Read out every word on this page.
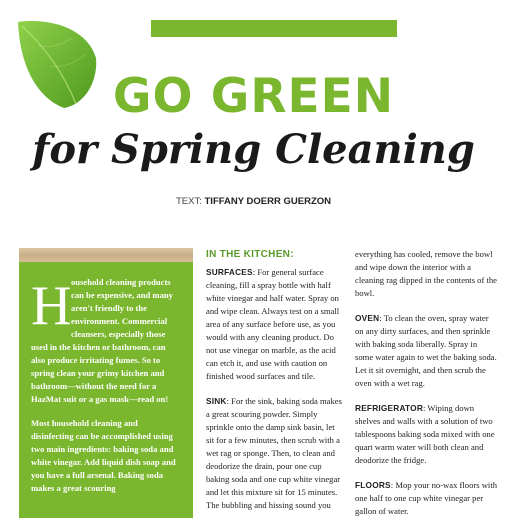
GO GREEN
for Spring Cleaning
TEXT: TIFFANY DOERR GUERZON

Household cleaning products can be expensive, and many aren't friendly to the environment. Commercial cleansers, especially those used in the kitchen or bathroom, can also produce irritating fumes. So to spring clean your grimy kitchen and bathroom—without the need for a HazMat suit or a gas mask—read on!

Most household cleaning and disinfecting can be accomplished using two main ingredients: baking soda and white vinegar. Add liquid dish soap and you have a full arsenal. Baking soda makes a great scouring

IN THE KITCHEN:

SURFACES: For general surface cleaning, fill a spray bottle with half white vinegar and half water. Spray on and wipe clean. Always test on a small area of any surface before use, as you would with any cleaning product. Do not use vinegar on marble, as the acid can etch it, and use with caution on finished wood surfaces and tile.

SINK: For the sink, baking soda makes a great scouring powder. Simply sprinkle onto the damp sink basin, let sit for a few minutes, then scrub with a wet rag or sponge. Then, to clean and deodorize the drain, pour one cup baking soda and one cup white vinegar and let this mixture sit for 15 minutes. The bubbling and hissing sound you

everything has cooled, remove the bowl and wipe down the interior with a cleaning rag dipped in the contents of the bowl.

OVEN: To clean the oven, spray water on any dirty surfaces, and then sprinkle with baking soda liberally. Spray in some water again to wet the baking soda. Let it sit overnight, and then scrub the oven with a wet rag.

REFRIGERATOR: Wiping down shelves and walls with a solution of two tablespoons baking soda mixed with one quart warm water will both clean and deodorize the fridge.

FLOORS: Mop your no-wax floors with one half to one cup white vinegar per gallon of water.
